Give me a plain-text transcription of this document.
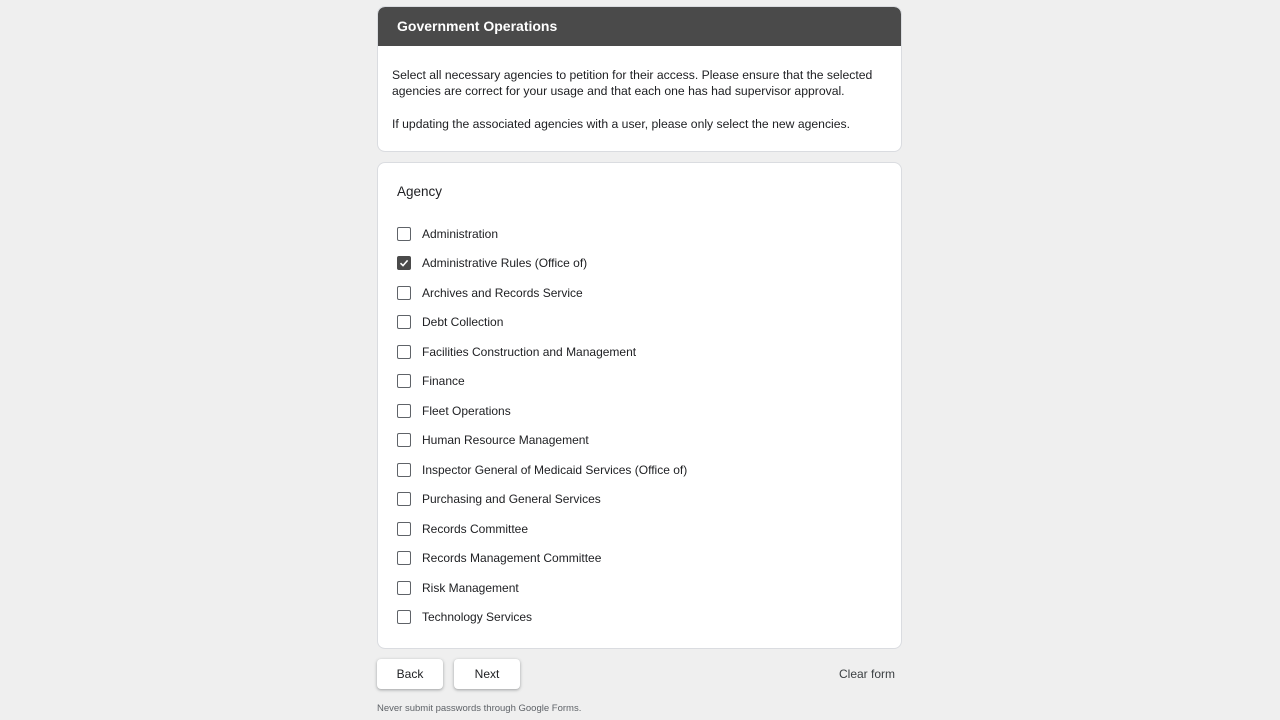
Government Operations

Select all necessary agencies to petition for their access. Please ensure that the selected agencies are correct for your usage and that each one has had supervisor approval.

If updating the associated agencies with a user, please only select the new agencies.

Agency
Administration
Administrative Rules (Office of)
Archives and Records Service
Debt Collection
Facilities Construction and Management
Finance
Fleet Operations
Human Resource Management
Inspector General of Medicaid Services (Office of)
Purchasing and General Services
Records Committee
Records Management Committee
Risk Management
Technology Services
Back	Next	Clear form
Never submit passwords through Google Forms.
